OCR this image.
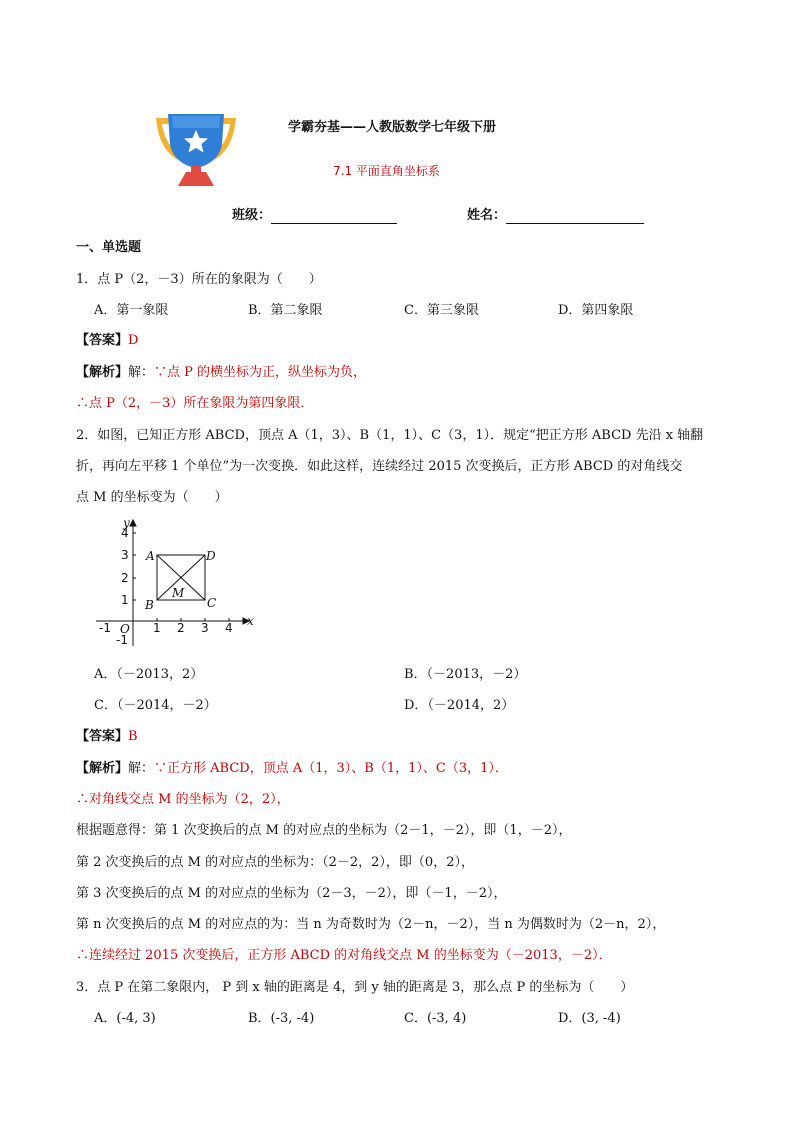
学霸夯基——人教版数学七年级下册
7.1 平面直角坐标系
班级：	姓名：
一、单选题
1．点 P（2，－3）所在的象限为（　　）
A．第一象限	B．第二象限	C．第三象限	D．第四象限
【答案】D
【解析】解：∵点 P 的横坐标为正，纵坐标为负，
∴点 P（2，－3）所在象限为第四象限．
2．如图，已知正方形 ABCD，顶点 A（1，3）、B（1，1）、C（3，1）．规定“把正方形 ABCD 先沿 x 轴翻
折，再向左平移 1 个单位”为一次变换．如此这样，连续经过 2015 次变换后，正方形 ABCD 的对角线交
点 M 的坐标变为（　　）
-1	1 2 3 4
4
3
2
1
-1
O
x
y
A
B	C
D
M
A．（－2013，2）	B．（－2013，－2）
C．（－2014，－2）	D．（－2014，2）
【答案】B
【解析】解：∵正方形 ABCD，顶点 A（1，3）、B（1，1）、C（3，1）．
∴对角线交点 M 的坐标为（2，2），
根据题意得：第 1 次变换后的点 M 的对应点的坐标为（2－1，－2），即（1，－2），
第 2 次变换后的点 M 的对应点的坐标为：（2－2，2），即（0，2），
第 3 次变换后的点 M 的对应点的坐标为（2－3，－2），即（－1，－2），
第 n 次变换后的点 M 的对应点的为：当 n 为奇数时为（2－n，－2），当 n 为偶数时为（2－n，2），
∴连续经过 2015 次变换后，正方形 ABCD 的对角线交点 M 的坐标变为（－2013，－2）．
3．点 P 在第二象限内， P 到 x 轴的距离是 4，到 y 轴的距离是 3，那么点 P 的坐标为（　　）
A．(-4, 3)	B．(-3, -4)	C．(-3, 4)	D．(3, -4)
